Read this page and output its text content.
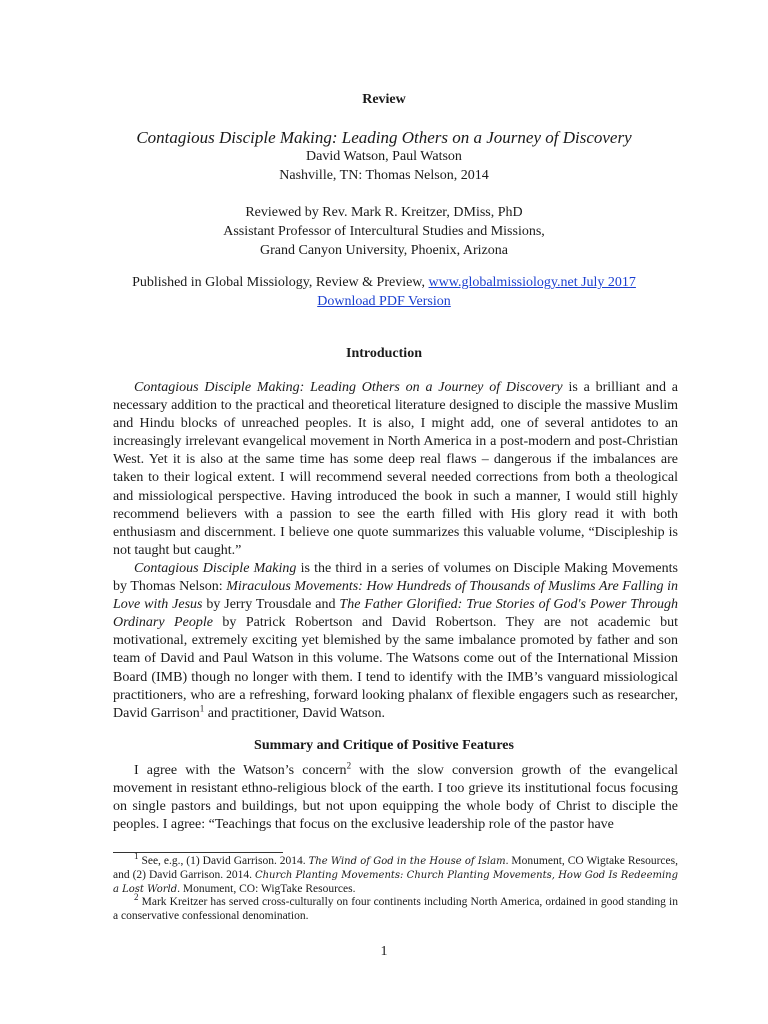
Review
Contagious Disciple Making: Leading Others on a Journey of Discovery
David Watson, Paul Watson
Nashville, TN: Thomas Nelson, 2014
Reviewed by Rev. Mark R. Kreitzer, DMiss, PhD
Assistant Professor of Intercultural Studies and Missions,
Grand Canyon University, Phoenix, Arizona
Published in Global Missiology, Review & Preview, www.globalmissiology.net July 2017
Download PDF Version
Introduction

Contagious Disciple Making: Leading Others on a Journey of Discovery is a brilliant and a necessary addition to the practical and theoretical literature designed to disciple the massive Muslim and Hindu blocks of unreached peoples. It is also, I might add, one of several antidotes to an increasingly irrelevant evangelical movement in North America in a post-modern and post-Christian West. Yet it is also at the same time has some deep real flaws – dangerous if the imbalances are taken to their logical extent. I will recommend several needed corrections from both a theological and missiological perspective. Having introduced the book in such a manner, I would still highly recommend believers with a passion to see the earth filled with His glory read it with both enthusiasm and discernment. I believe one quote summarizes this valuable volume, “Discipleship is not taught but caught.”

Contagious Disciple Making is the third in a series of volumes on Disciple Making Movements by Thomas Nelson: Miraculous Movements: How Hundreds of Thousands of Muslims Are Falling in Love with Jesus by Jerry Trousdale and The Father Glorified: True Stories of God's Power Through Ordinary People by Patrick Robertson and David Robertson. They are not academic but motivational, extremely exciting yet blemished by the same imbalance promoted by father and son team of David and Paul Watson in this volume. The Watsons come out of the International Mission Board (IMB) though no longer with them. I tend to identify with the IMB’s vanguard missiological practitioners, who are a refreshing, forward looking phalanx of flexible engagers such as researcher, David Garrison$^1$ and practitioner, David Watson.

Summary and Critique of Positive Features

I agree with the Watson’s concern$^2$ with the slow conversion growth of the evangelical movement in resistant ethno-religious block of the earth. I too grieve its institutional focus focusing on single pastors and buildings, but not upon equipping the whole body of Christ to disciple the peoples. I agree: “Teachings that focus on the exclusive leadership role of the pastor have

$^1$ See, e.g., (1) David Garrison. 2014. The Wind of God in the House of Islam. Monument, CO Wigtake Resources, and (2) David Garrison. 2014. Church Planting Movements: Church Planting Movements, How God Is Redeeming a Lost World. Monument, CO: WigTake Resources.

$^2$ Mark Kreitzer has served cross-culturally on four continents including North America, ordained in good standing in a conservative confessional denomination.

1
